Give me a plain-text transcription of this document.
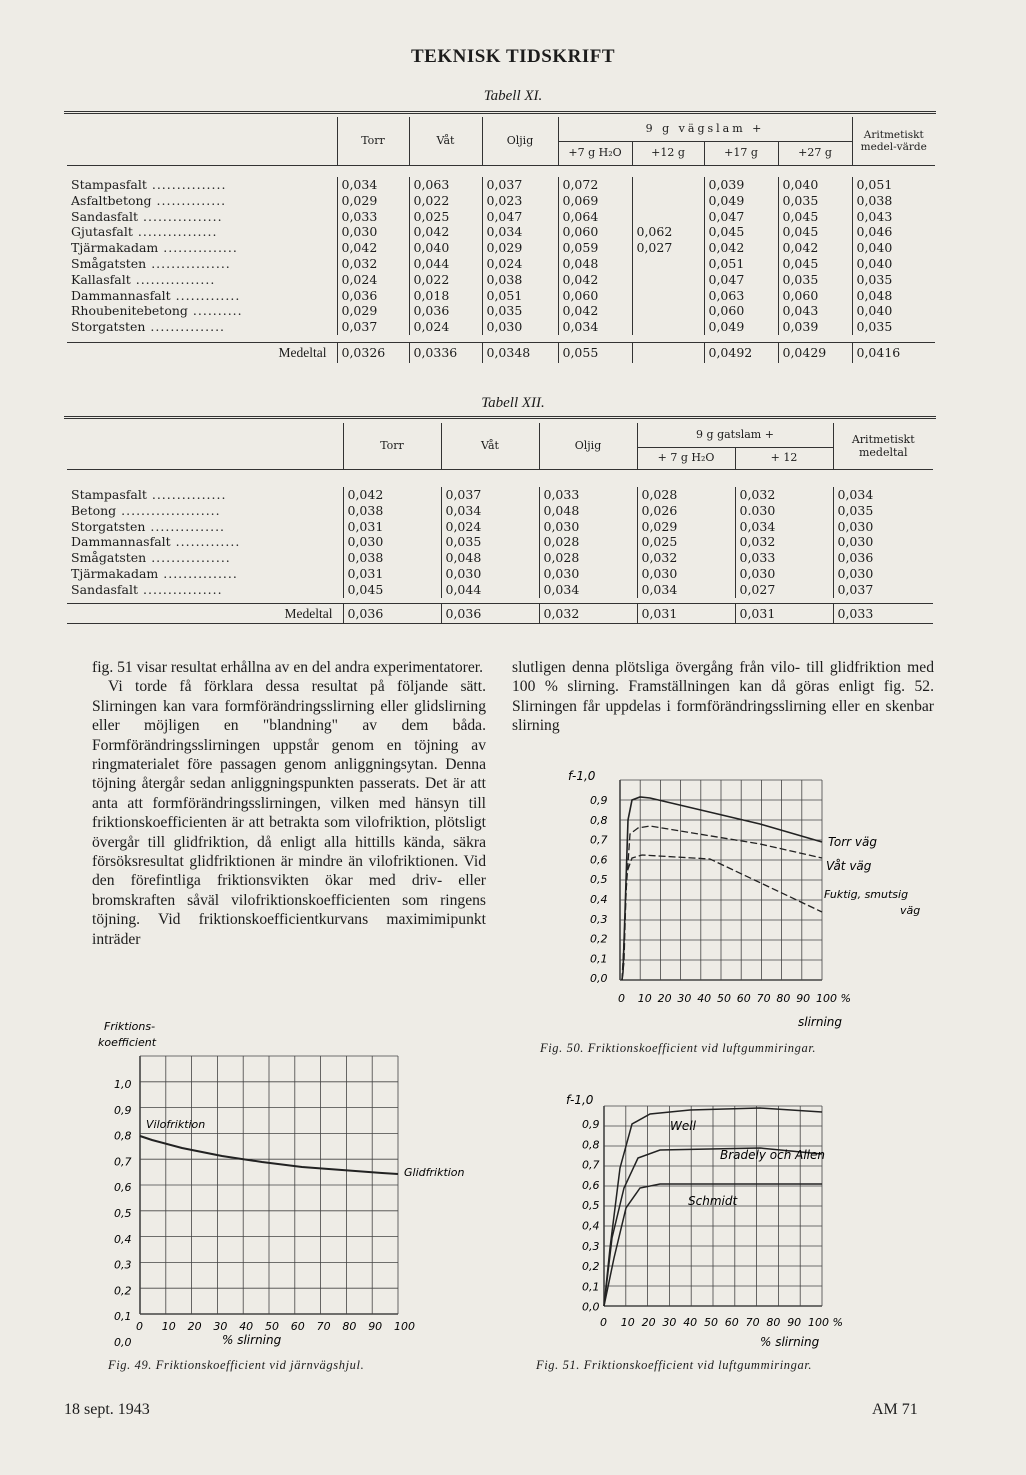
TEKNISK TIDSKRIFT
Tabell XI.
	Torr	Våt	Oljig	9 g vägslam +				Aritmetiskt medel-värde
				+7 g H₂O	+12 g	+17 g	+27 g	

Stampasfalt ...............	0,034	0,063	0,037	0,072		0,039	0,040	0,051
Asfaltbetong ..............	0,029	0,022	0,023	0,069		0,049	0,035	0,038
Sandasfalt ................	0,033	0,025	0,047	0,064		0,047	0,045	0,043
Gjutasfalt ................	0,030	0,042	0,034	0,060	0,062	0,045	0,045	0,046
Tjärmakadam ...............	0,042	0,040	0,029	0,059	0,027	0,042	0,042	0,040
Smågatsten ................	0,032	0,044	0,024	0,048		0,051	0,045	0,040
Kallasfalt ................	0,024	0,022	0,038	0,042		0,047	0,035	0,035
Dammannasfalt .............	0,036	0,018	0,051	0,060		0,063	0,060	0,048
Rhoubenitebetong ..........	0,029	0,036	0,035	0,042		0,060	0,043	0,040
Storgatsten ...............	0,037	0,024	0,030	0,034		0,049	0,039	0,035

Medeltal	0,0326	0,0336	0,0348	0,055		0,0492	0,0429	0,0416
Tabell XII.
	Torr	Våt	Oljig	9 g gatslam +		Aritmetiskt medeltal
				+ 7 g H₂O	+ 12	

Stampasfalt ...............	0,042	0,037	0,033	0,028	0,032	0,034
Betong ....................	0,038	0,034	0,048	0,026	0.030	0,035
Storgatsten ...............	0,031	0,024	0,030	0,029	0,034	0,030
Dammannasfalt .............	0,030	0,035	0,028	0,025	0,032	0,030
Smågatsten ................	0,038	0,048	0,028	0,032	0,033	0,036
Tjärmakadam ...............	0,031	0,030	0,030	0,030	0,030	0,030
Sandasfalt ................	0,045	0,044	0,034	0,034	0,027	0,037

Medeltal	0,036	0,036	0,032	0,031	0,031	0,033

fig. 51 visar resultat erhållna av en del andra experimentatorer.

Vi torde få förklara dessa resultat på följande sätt. Slirningen kan vara formförändringsslirning eller glidslirning eller möjligen en "blandning" av dem båda. Formförändringsslirningen uppstår genom en töjning av ringmaterialet före passagen genom anliggningsytan. Denna töjning återgår sedan anliggningspunkten passerats. Det är att anta att formförändringsslirningen, vilken med hänsyn till friktionskoefficienten är att betrakta som vilofriktion, plötsligt övergår till glidfriktion, då enligt alla hittills kända, säkra försöksresultat glidfriktionen är mindre än vilofriktionen. Vid den förefintliga friktionsvikten ökar med driv- eller bromskraften såväl vilofriktionskoefficienten som ringens töjning. Vid friktionskoefficientkurvans maximimipunkt inträder

slutligen denna plötsliga övergång från vilo- till glidfriktion med 100 % slirning. Framställningen kan då göras enligt fig. 52. Slirningen får uppdelas i formförändringsslirning eller en skenbar slirning

f-1,0
0,9
0,8
0,7
0,6
0,5
0,4
0,3
0,2
0,1
0,0
0 10 20 30 40 50 60 70 80 90 100 %
Torr väg
Våt väg
Fuktig, smutsig
väg
slirning
Fig. 50. Friktionskoefficient vid luftgummiringar.
Friktions-
koefficient
1,0
0,9
0,8
0,7
0,6
0,5
0,4
0,3
0,2
0,1
0,0
0 10 20 30 40 50 60 70 80 90 100
Vilofriktion
Glidfriktion
% slirning
Fig. 49. Friktionskoefficient vid järnvägshjul.
f-1,0
0,9
0,8
0,7
0,6
0,5
0,4
0,3
0,2
0,1
0,0
0 10 20 30 40 50 60 70 80 90 100 %
Well
Bradely och Allen
Schmidt
% slirning
Fig. 51. Friktionskoefficient vid luftgummiringar.
18 sept. 1943	AM 71
